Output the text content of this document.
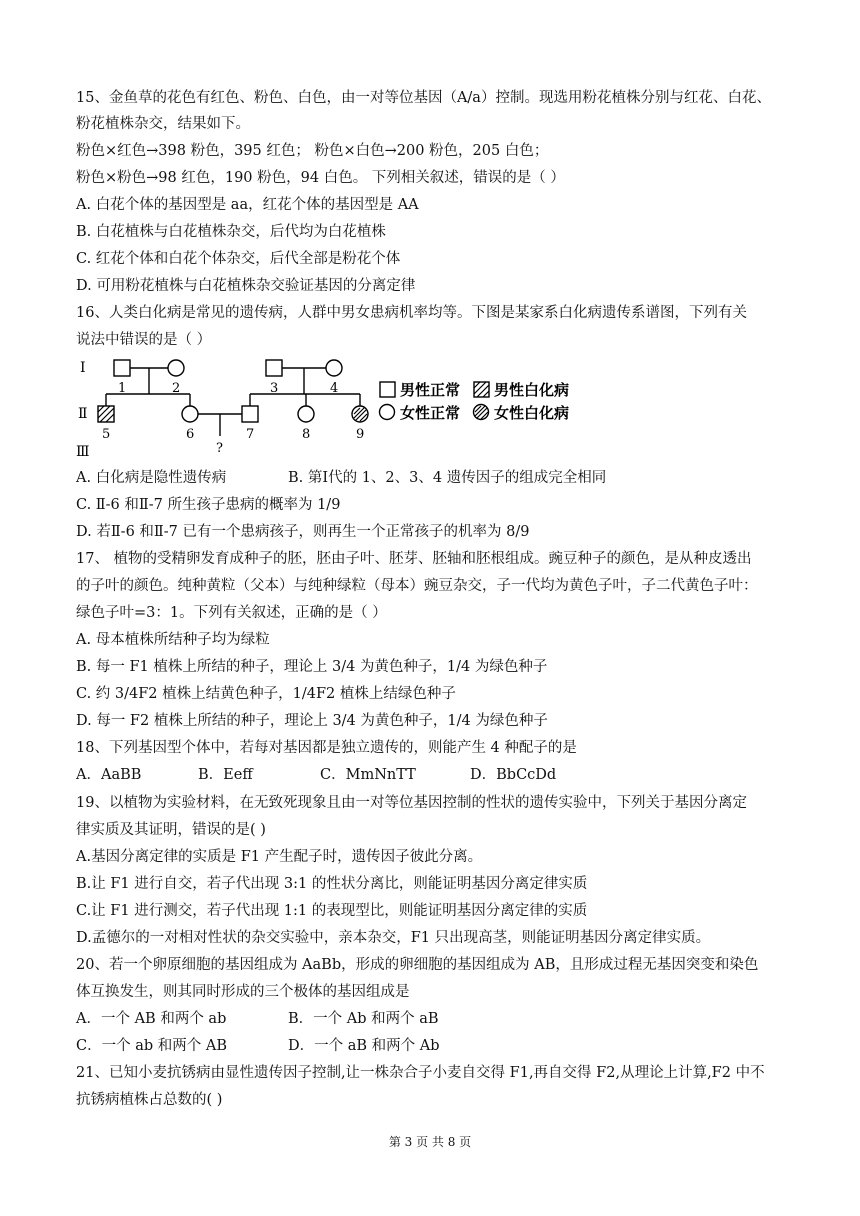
15、金鱼草的花色有红色、粉色、白色，由一对等位基因（A/a）控制。现选用粉花植株分别与红花、白花、
粉花植株杂交，结果如下。
粉色×红色→398 粉色，395 红色； 粉色×白色→200 粉色，205 白色；
粉色×粉色→98 红色，190 粉色，94 白色。 下列相关叙述，错误的是（ ）
A. 白花个体的基因型是 aa，红花个体的基因型是 AA
B. 白花植株与白花植株杂交，后代均为白花植株
C. 红花个体和白花个体杂交，后代全部是粉花个体
D. 可用粉花植株与白花植株杂交验证基因的分离定律
16、人类白化病是常见的遗传病，人群中男女患病机率均等。下图是某家系白化病遗传系谱图，下列有关
说法中错误的是（ ）
Ⅰ
Ⅱ
Ⅲ
1	2	3	4
5	6	7	8	9
?
男性正常 男性白化病
女性正常 女性白化病
A. 白化病是隐性遗传病	B. 第Ⅰ代的 1、2、3、4 遗传因子的组成完全相同
C. Ⅱ-6 和Ⅱ-7 所生孩子患病的概率为 1/9
D. 若Ⅱ-6 和Ⅱ-7 已有一个患病孩子，则再生一个正常孩子的机率为 8/9
17、 植物的受精卵发育成种子的胚，胚由子叶、胚芽、胚轴和胚根组成。豌豆种子的颜色，是从种皮透出
的子叶的颜色。纯种黄粒（父本）与纯种绿粒（母本）豌豆杂交，子一代均为黄色子叶，子二代黄色子叶：
绿色子叶=3：1。下列有关叙述，正确的是（ ）
A. 母本植株所结种子均为绿粒
B. 每一 F1 植株上所结的种子，理论上 3/4 为黄色种子，1/4 为绿色种子
C. 约 3/4F2 植株上结黄色种子，1/4F2 植株上结绿色种子
D. 每一 F2 植株上所结的种子，理论上 3/4 为黄色种子，1/4 为绿色种子
18、下列基因型个体中，若每对基因都是独立遗传的，则能产生 4 种配子的是
A．AaBB	B．Eeff	C．MmNnTT	D．BbCcDd
19、以植物为实验材料，在无致死现象且由一对等位基因控制的性状的遗传实验中，下列关于基因分离定
律实质及其证明，错误的是( )
A.基因分离定律的实质是 F1 产生配子时，遗传因子彼此分离。
B.让 F1 进行自交，若子代出现 3:1 的性状分离比，则能证明基因分离定律实质
C.让 F1 进行测交，若子代出现 1:1 的表现型比，则能证明基因分离定律的实质
D.孟德尔的一对相对性状的杂交实验中，亲本杂交，F1 只出现高茎，则能证明基因分离定律实质。
20、若一个卵原细胞的基因组成为 AaBb，形成的卵细胞的基因组成为 AB，且形成过程无基因突变和染色
体互换发生，则其同时形成的三个极体的基因组成是
A．一个 AB 和两个 ab	B．一个 Ab 和两个 aB
C．一个 ab 和两个 AB	D．一个 aB 和两个 Ab
21、已知小麦抗锈病由显性遗传因子控制,让一株杂合子小麦自交得 F1,再自交得 F2,从理论上计算,F2 中不
抗锈病植株占总数的( )
第 3 页 共 8 页
